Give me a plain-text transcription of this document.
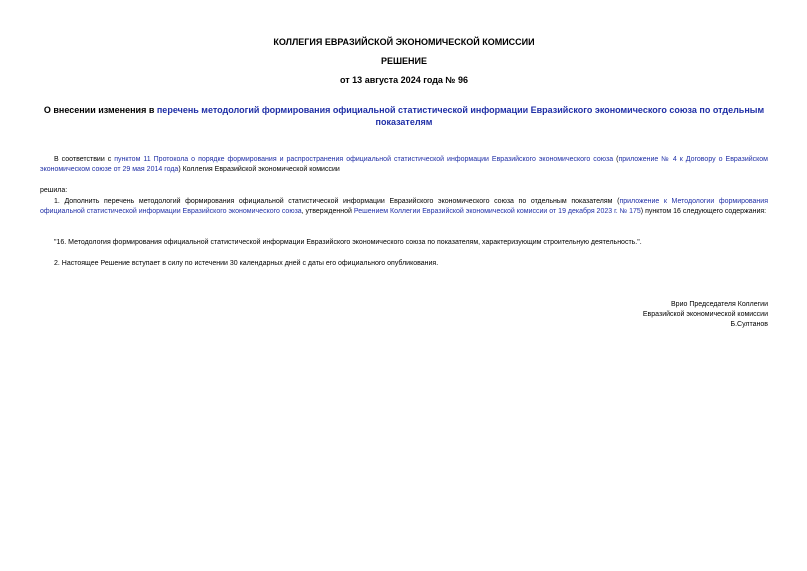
КОЛЛЕГИЯ ЕВРАЗИЙСКОЙ ЭКОНОМИЧЕСКОЙ КОМИССИИ
РЕШЕНИЕ
от 13 августа 2024 года № 96
О внесении изменения в перечень методологий формирования официальной статистической информации Евразийского экономического союза по отдельным показателям
В соответствии с пунктом 11 Протокола о порядке формирования и распространения официальной статистической информации Евразийского экономического союза (приложение № 4 к Договору о Евразийском экономическом союзе от 29 мая 2014 года) Коллегия Евразийской экономической комиссии
решила:
1. Дополнить перечень методологий формирования официальной статистической информации Евразийского экономического союза по отдельным показателям (приложение к Методологии формирования официальной статистической информации Евразийского экономического союза, утвержденной Решением Коллегии Евразийской экономической комиссии от 19 декабря 2023 г. № 175) пунктом 16 следующего содержания:
"16. Методология формирования официальной статистической информации Евразийского экономического союза по показателям, характеризующим строительную деятельность.".
2. Настоящее Решение вступает в силу по истечении 30 календарных дней с даты его официального опубликования.
Врио Председателя Коллегии
Евразийской экономической комиссии
Б.Султанов
